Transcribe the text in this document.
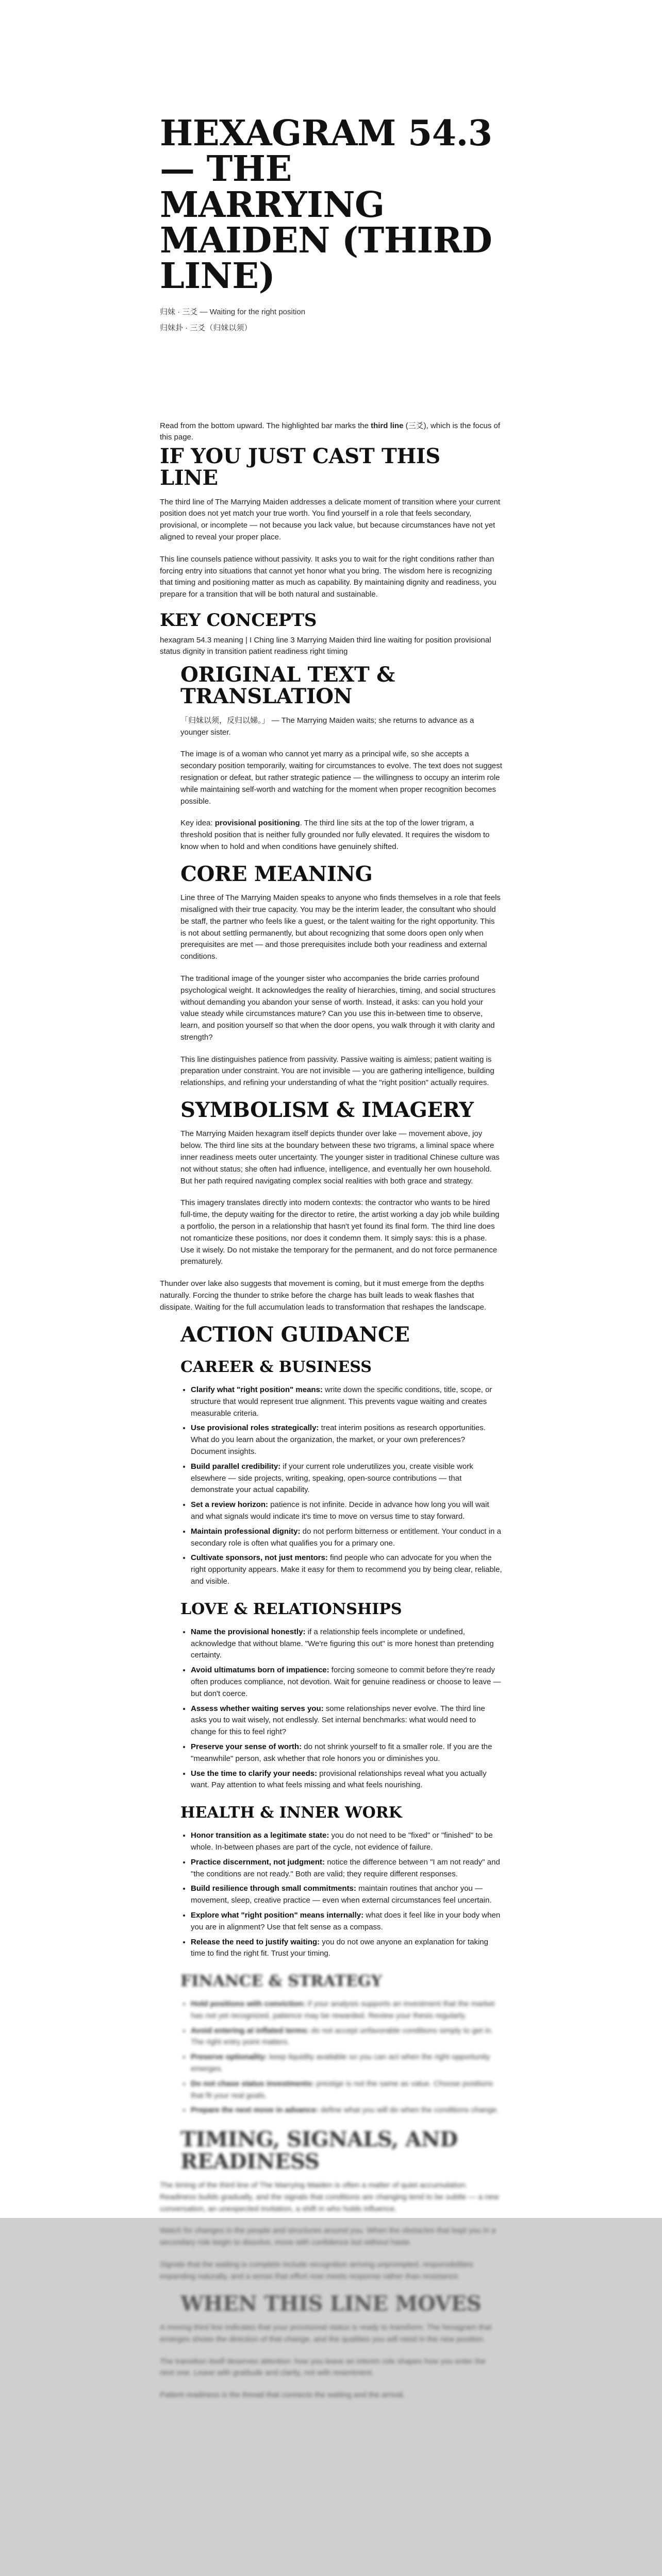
HEXAGRAM 54.3 — THE MARRYING MAIDEN (THIRD LINE)
归妹 · 三爻 — Waiting for the right position
归妹卦 · 三爻（归妹以须）
Read from the bottom upward. The highlighted bar marks the third line (三爻), which is the focus of this page.
IF YOU JUST CAST THIS LINE

The third line of The Marrying Maiden addresses a delicate moment of transition where your current position does not yet match your true worth. You find yourself in a role that feels secondary, provisional, or incomplete — not because you lack value, but because circumstances have not yet aligned to reveal your proper place.

This line counsels patience without passivity. It asks you to wait for the right conditions rather than forcing entry into situations that cannot yet honor what you bring. The wisdom here is recognizing that timing and positioning matter as much as capability. By maintaining dignity and readiness, you prepare for a transition that will be both natural and sustainable.

KEY CONCEPTS
hexagram 54.3 meaning | I Ching line 3 Marrying Maiden third line waiting for position provisional status dignity in transition patient readiness right timing
ORIGINAL TEXT & TRANSLATION

「归妹以须，反归以娣。」 — The Marrying Maiden waits; she returns to advance as a younger sister.

The image is of a woman who cannot yet marry as a principal wife, so she accepts a secondary position temporarily, waiting for circumstances to evolve. The text does not suggest resignation or defeat, but rather strategic patience — the willingness to occupy an interim role while maintaining self-worth and watching for the moment when proper recognition becomes possible.

Key idea: provisional positioning. The third line sits at the top of the lower trigram, a threshold position that is neither fully grounded nor fully elevated. It requires the wisdom to know when to hold and when conditions have genuinely shifted.

CORE MEANING

Line three of The Marrying Maiden speaks to anyone who finds themselves in a role that feels misaligned with their true capacity. You may be the interim leader, the consultant who should be staff, the partner who feels like a guest, or the talent waiting for the right opportunity. This is not about settling permanently, but about recognizing that some doors open only when prerequisites are met — and those prerequisites include both your readiness and external conditions.

The traditional image of the younger sister who accompanies the bride carries profound psychological weight. It acknowledges the reality of hierarchies, timing, and social structures without demanding you abandon your sense of worth. Instead, it asks: can you hold your value steady while circumstances mature? Can you use this in-between time to observe, learn, and position yourself so that when the door opens, you walk through it with clarity and strength?

This line distinguishes patience from passivity. Passive waiting is aimless; patient waiting is preparation under constraint. You are not invisible — you are gathering intelligence, building relationships, and refining your understanding of what the "right position" actually requires.

SYMBOLISM & IMAGERY

The Marrying Maiden hexagram itself depicts thunder over lake — movement above, joy below. The third line sits at the boundary between these two trigrams, a liminal space where inner readiness meets outer uncertainty. The younger sister in traditional Chinese culture was not without status; she often had influence, intelligence, and eventually her own household. But her path required navigating complex social realities with both grace and strategy.

This imagery translates directly into modern contexts: the contractor who wants to be hired full-time, the deputy waiting for the director to retire, the artist working a day job while building a portfolio, the person in a relationship that hasn't yet found its final form. The third line does not romanticize these positions, nor does it condemn them. It simply says: this is a phase. Use it wisely. Do not mistake the temporary for the permanent, and do not force permanence prematurely.

Thunder over lake also suggests that movement is coming, but it must emerge from the depths naturally. Forcing the thunder to strike before the charge has built leads to weak flashes that dissipate. Waiting for the full accumulation leads to transformation that reshapes the landscape.

ACTION GUIDANCE
CAREER & BUSINESS
• Clarify what "right position" means: write down the specific conditions, title, scope, or structure that would represent true alignment. This prevents vague waiting and creates measurable criteria.
• Use provisional roles strategically: treat interim positions as research opportunities. What do you learn about the organization, the market, or your own preferences? Document insights.
• Build parallel credibility: if your current role underutilizes you, create visible work elsewhere — side projects, writing, speaking, open-source contributions — that demonstrate your actual capability.
• Set a review horizon: patience is not infinite. Decide in advance how long you will wait and what signals would indicate it's time to move on versus time to stay forward.
• Maintain professional dignity: do not perform bitterness or entitlement. Your conduct in a secondary role is often what qualifies you for a primary one.
• Cultivate sponsors, not just mentors: find people who can advocate for you when the right opportunity appears. Make it easy for them to recommend you by being clear, reliable, and visible.
LOVE & RELATIONSHIPS
• Name the provisional honestly: if a relationship feels incomplete or undefined, acknowledge that without blame. "We're figuring this out" is more honest than pretending certainty.
• Avoid ultimatums born of impatience: forcing someone to commit before they're ready often produces compliance, not devotion. Wait for genuine readiness or choose to leave — but don't coerce.
• Assess whether waiting serves you: some relationships never evolve. The third line asks you to wait wisely, not endlessly. Set internal benchmarks: what would need to change for this to feel right?
• Preserve your sense of worth: do not shrink yourself to fit a smaller role. If you are the "meanwhile" person, ask whether that role honors you or diminishes you.
• Use the time to clarify your needs: provisional relationships reveal what you actually want. Pay attention to what feels missing and what feels nourishing.
HEALTH & INNER WORK
• Honor transition as a legitimate state: you do not need to be "fixed" or "finished" to be whole. In-between phases are part of the cycle, not evidence of failure.
• Practice discernment, not judgment: notice the difference between "I am not ready" and "the conditions are not ready." Both are valid; they require different responses.
• Build resilience through small commitments: maintain routines that anchor you — movement, sleep, creative practice — even when external circumstances feel uncertain.
• Explore what "right position" means internally: what does it feel like in your body when you are in alignment? Use that felt sense as a compass.
• Release the need to justify waiting: you do not owe anyone an explanation for taking time to find the right fit. Trust your timing.
FINANCE & STRATEGY
• Hold positions with conviction: if your analysis supports an investment that the market has not yet recognized, patience may be rewarded. Review your thesis regularly.
• Avoid entering at inflated terms: do not accept unfavorable conditions simply to get in. The right entry point matters.
• Preserve optionality: keep liquidity available so you can act when the right opportunity emerges.
• Do not chase status investments: prestige is not the same as value. Choose positions that fit your real goals.
• Prepare the next move in advance: define what you will do when the conditions change.
TIMING, SIGNALS, AND READINESS

The timing of the third line of The Marrying Maiden is often a matter of quiet accumulation. Readiness builds gradually, and the signals that conditions are changing tend to be subtle — a new conversation, an unexpected invitation, a shift in who holds influence.

Watch for changes in the people and structures around you. When the obstacles that kept you in a secondary role begin to dissolve, move with confidence but without haste.

Signals that the waiting is complete include recognition arriving unprompted, responsibilities expanding naturally, and a sense that effort now meets response rather than resistance.

WHEN THIS LINE MOVES

A moving third line indicates that your provisional status is ready to transform. The hexagram that emerges shows the direction of that change, and the qualities you will need in the new position.

The transition itself deserves attention: how you leave an interim role shapes how you enter the next one. Leave with gratitude and clarity, not with resentment.

Patient readiness is the thread that connects the waiting and the arrival.
